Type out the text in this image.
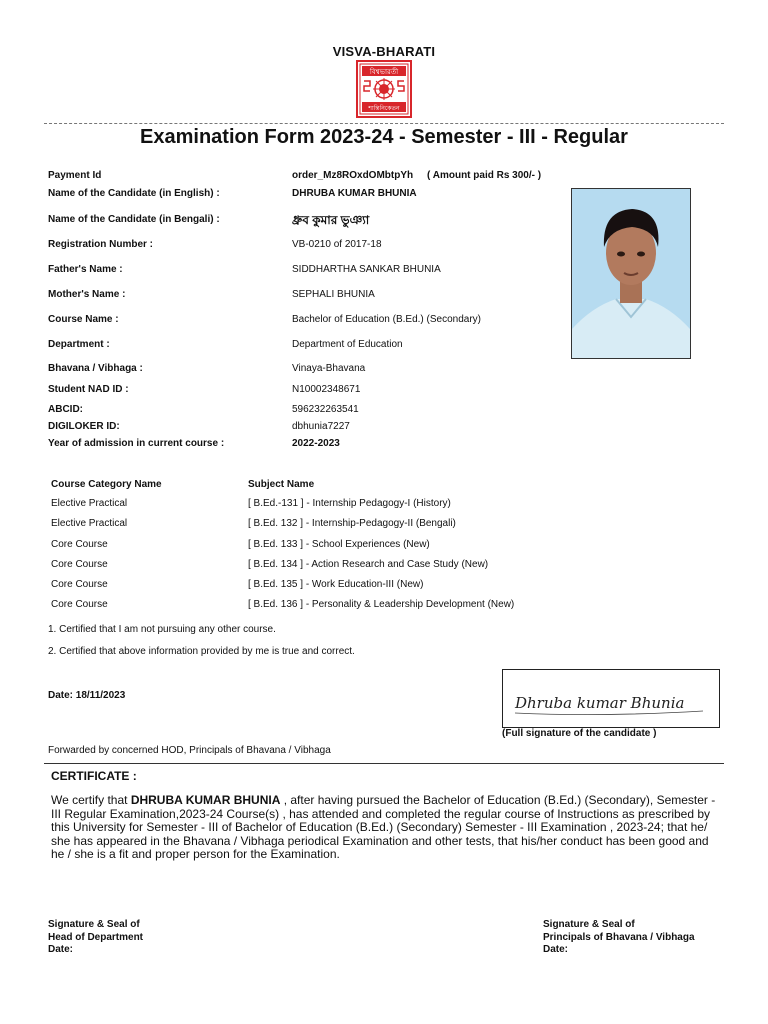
VISVA-BHARATI
বিশ্বভারতী
শান্তিনিকেতন
Examination Form 2023-24 - Semester - III - Regular
Payment Id	order_Mz8ROxdOMbtpYh ( Amount paid Rs 300/- )
Name of the Candidate (in English) :	DHRUBA KUMAR BHUNIA
Name of the Candidate (in Bengali) :	ধ্রুব কুমার ভুঞ্যা
Registration Number :	VB-0210 of 2017-18
Father's Name :	SIDDHARTHA SANKAR BHUNIA
Mother's Name :	SEPHALI BHUNIA
Course Name :	Bachelor of Education (B.Ed.) (Secondary)
Department :	Department of Education
Bhavana / Vibhaga :	Vinaya-Bhavana
Student NAD ID :	N10002348671
ABCID:	596232263541
DIGILOKER ID:	dbhunia7227
Year of admission in current course :	2022-2023
Course Category Name	Subject Name
Elective Practical	[ B.Ed.-131 ] - Internship Pedagogy-I (History)
Elective Practical	[ B.Ed. 132 ] - Internship-Pedagogy-II (Bengali)
Core Course	[ B.Ed. 133 ] - School Experiences (New)
Core Course	[ B.Ed. 134 ] - Action Research and Case Study (New)
Core Course	[ B.Ed. 135 ] - Work Education-III (New)
Core Course	[ B.Ed. 136 ] - Personality & Leadership Development (New)
1. Certified that I am not pursuing any other course.
2. Certified that above information provided by me is true and correct.
Date: 18/11/2023	Dhruba kumar Bhunia
(Full signature of the candidate )
Forwarded by concerned HOD, Principals of Bhavana / Vibhaga
CERTIFICATE :
We certify that DHRUBA KUMAR BHUNIA , after having pursued the Bachelor of Education (B.Ed.) (Secondary), Semester - III Regular Examination,2023-24 Course(s) , has attended and completed the regular course of Instructions as prescribed by this University for Semester - III of Bachelor of Education (B.Ed.) (Secondary) Semester - III Examination , 2023-24; that he/ she has appeared in the Bhavana / Vibhaga periodical Examination and other tests, that his/her conduct has been good and he / she is a fit and proper person for the Examination.
Signature & Seal of
Head of Department
Date:
Signature & Seal of
Principals of Bhavana / Vibhaga
Date:
